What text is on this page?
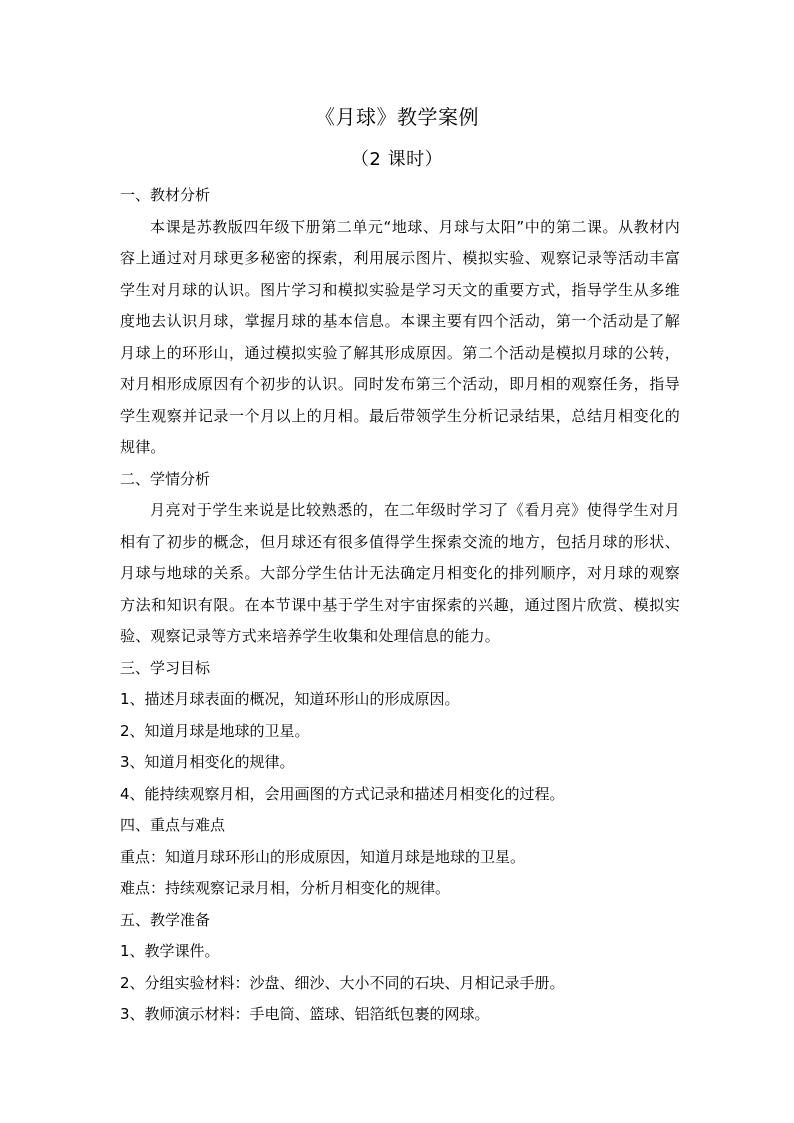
《月球》教学案例
（2 课时）
一、教材分析
本课是苏教版四年级下册第二单元“地球、月球与太阳”中的第二课。从教材内容上通过对月球更多秘密的探索，利用展示图片、模拟实验、观察记录等活动丰富学生对月球的认识。图片学习和模拟实验是学习天文的重要方式，指导学生从多维度地去认识月球，掌握月球的基本信息。本课主要有四个活动，第一个活动是了解月球上的环形山，通过模拟实验了解其形成原因。第二个活动是模拟月球的公转，对月相形成原因有个初步的认识。同时发布第三个活动，即月相的观察任务，指导学生观察并记录一个月以上的月相。最后带领学生分析记录结果，总结月相变化的规律。
二、学情分析
月亮对于学生来说是比较熟悉的，在二年级时学习了《看月亮》使得学生对月相有了初步的概念，但月球还有很多值得学生探索交流的地方，包括月球的形状、月球与地球的关系。大部分学生估计无法确定月相变化的排列顺序，对月球的观察方法和知识有限。在本节课中基于学生对宇宙探索的兴趣，通过图片欣赏、模拟实验、观察记录等方式来培养学生收集和处理信息的能力。
三、学习目标
1、描述月球表面的概况，知道环形山的形成原因。
2、知道月球是地球的卫星。
3、知道月相变化的规律。
4、能持续观察月相，会用画图的方式记录和描述月相变化的过程。
四、重点与难点
重点：知道月球环形山的形成原因，知道月球是地球的卫星。
难点：持续观察记录月相，分析月相变化的规律。
五、教学准备
1、教学课件。
2、分组实验材料：沙盘、细沙、大小不同的石块、月相记录手册。
3、教师演示材料：手电筒、篮球、铝箔纸包裹的网球。
